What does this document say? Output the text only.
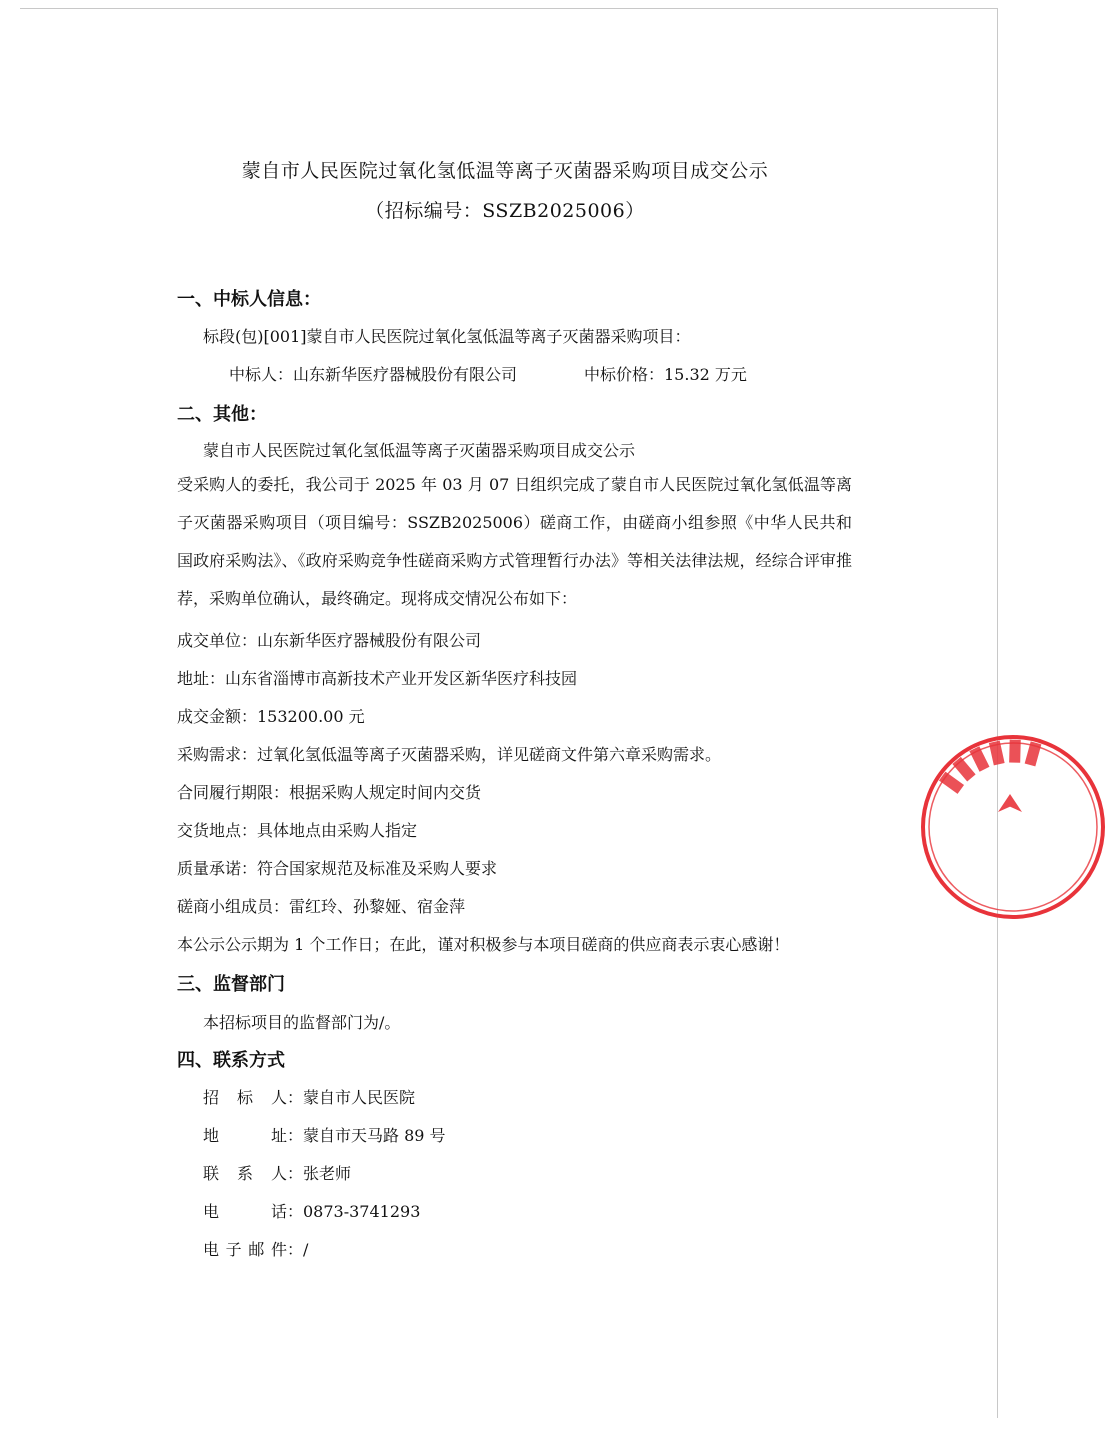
蒙自市人民医院过氧化氢低温等离子灭菌器采购项目成交公示
（招标编号：SSZB2025006）
一、中标人信息：
标段(包)[001]蒙自市人民医院过氧化氢低温等离子灭菌器采购项目：
中标人：山东新华医疗器械股份有限公司	中标价格：15.32 万元
二、其他：
蒙自市人民医院过氧化氢低温等离子灭菌器采购项目成交公示
受采购人的委托，我公司于 2025 年 03 月 07 日组织完成了蒙自市人民医院过氧化氢低温等离子灭菌器采购项目（项目编号：SSZB2025006）磋商工作，由磋商小组参照《中华人民共和国政府采购法》、《政府采购竞争性磋商采购方式管理暂行办法》等相关法律法规，经综合评审推荐，采购单位确认，最终确定。现将成交情况公布如下：
成交单位：山东新华医疗器械股份有限公司
地址：山东省淄博市高新技术产业开发区新华医疗科技园
成交金额：153200.00 元
采购需求：过氧化氢低温等离子灭菌器采购，详见磋商文件第六章采购需求。
合同履行期限：根据采购人规定时间内交货
交货地点：具体地点由采购人指定
质量承诺：符合国家规范及标准及采购人要求
磋商小组成员：雷红玲、孙黎娅、宿金萍
本公示公示期为 1 个工作日；在此，谨对积极参与本项目磋商的供应商表示衷心感谢！
三、监督部门
本招标项目的监督部门为/。
四、联系方式
招 标 人：蒙自市人民医院
地 址：蒙自市天马路 89 号
联 系 人：张老师
电 话：0873-3741293
电子邮件：/
▮▮▮▮▮▮
